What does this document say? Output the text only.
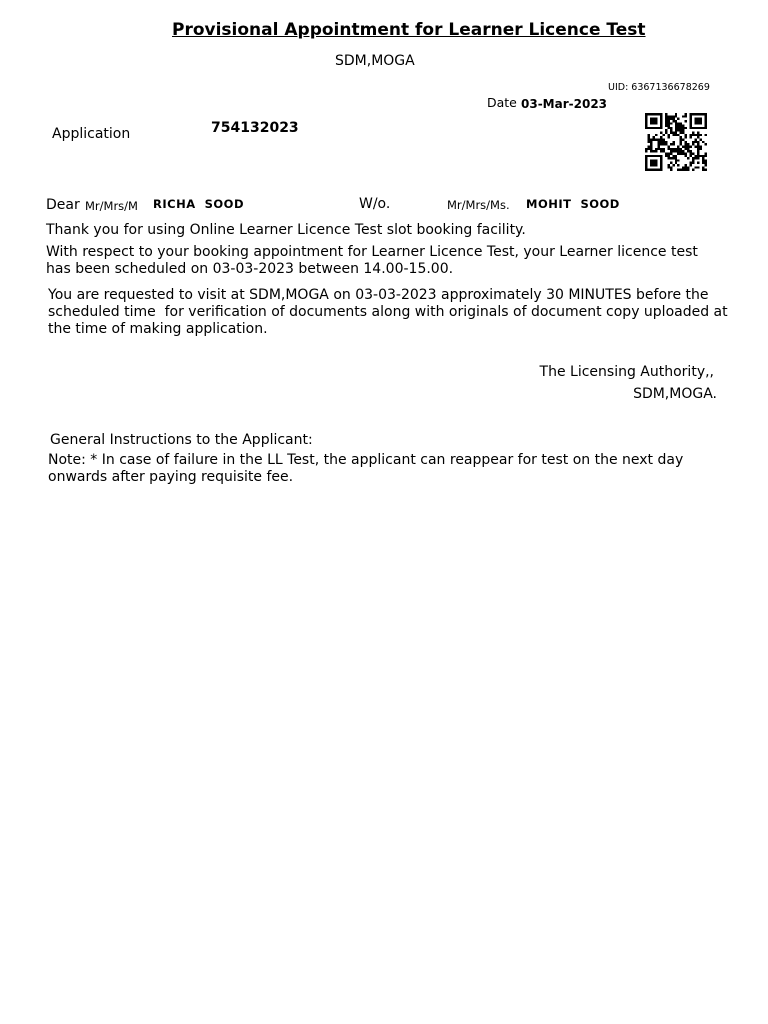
Provisional Appointment for Learner Licence Test
SDM,MOGA
UID: 6367136678269
Date 03-Mar-2023
Application	754132023
Dear Mr/Mrs/M RICHA  SOOD	W/o.	Mr/Mrs/Ms. MOHIT  SOOD
Thank you for using Online Learner Licence Test slot booking facility.
With respect to your booking appointment for Learner Licence Test, your Learner licence test has been scheduled on 03-03-2023 between 14.00-15.00.
You are requested to visit at SDM,MOGA on 03-03-2023 approximately 30 MINUTES before the scheduled time  for verification of documents along with originals of document copy uploaded at the time of making application.
The Licensing Authority,,
SDM,MOGA.
General Instructions to the Applicant:
Note: * In case of failure in the LL Test, the applicant can reappear for test on the next day onwards after paying requisite fee.
